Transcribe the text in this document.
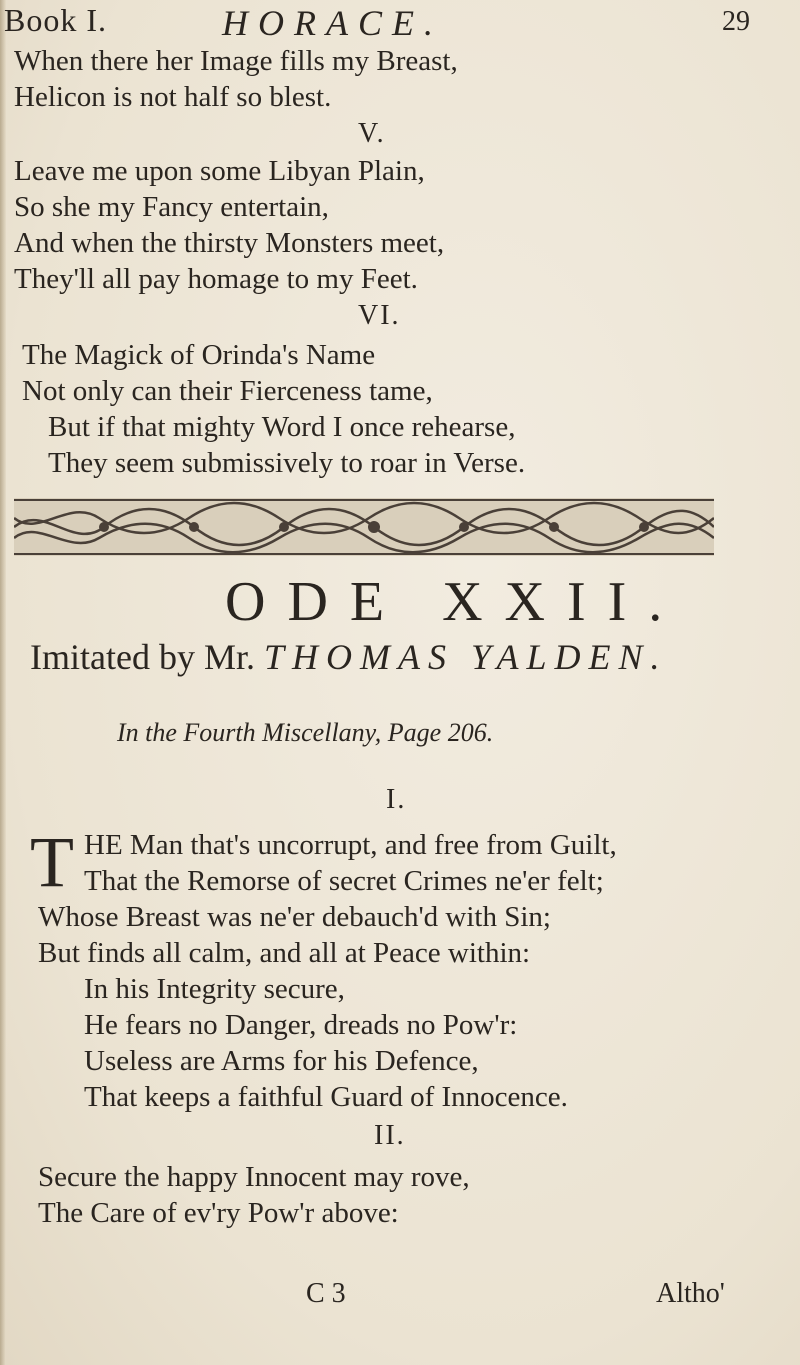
Book I.	HORACE.	29
When there her Image fills my Breast,
Helicon is not half so blest.
V.
Leave me upon some Libyan Plain,
So she my Fancy entertain,
And when the thirsty Monsters meet,
They'll all pay homage to my Feet.
VI.
The Magick of Orinda's Name
Not only can their Fierceness tame,
But if that mighty Word I once rehearse,
They seem submissively to roar in Verse.
ODE XXII.
Imitated by Mr. THOMAS YALDEN.
In the Fourth Miscellany, Page 206.
I.
T HE Man that's uncorrupt, and free from Guilt,
That the Remorse of secret Crimes ne'er felt;
Whose Breast was ne'er debauch'd with Sin;
But finds all calm, and all at Peace within:
In his Integrity secure,
He fears no Danger, dreads no Pow'r:
Useless are Arms for his Defence,
That keeps a faithful Guard of Innocence.
II.
Secure the happy Innocent may rove,
The Care of ev'ry Pow'r above:
C 3	Altho'
